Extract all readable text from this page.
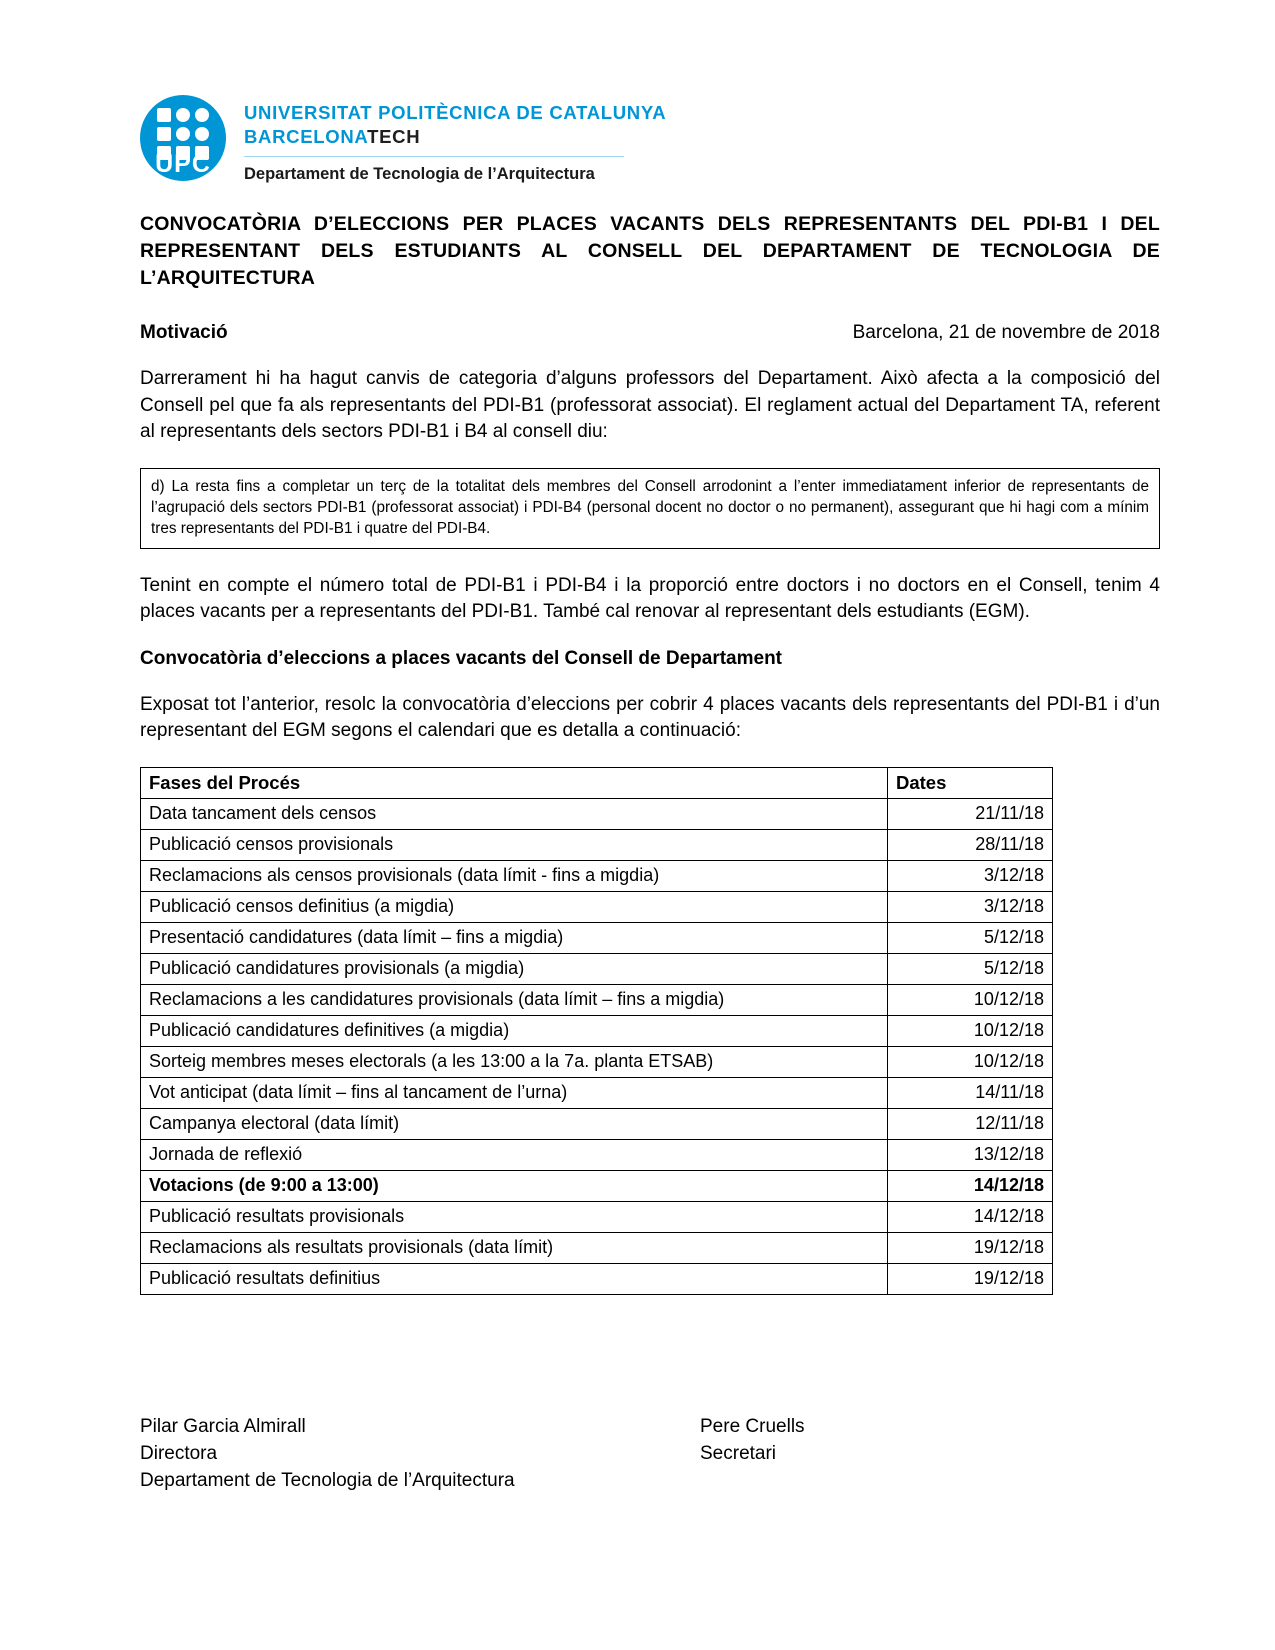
UPC
UNIVERSITAT POLITÈCNICA DE CATALUNYA
BARCELONATECH
Departament de Tecnologia de l’Arquitectura
CONVOCATÒRIA D’ELECCIONS PER PLACES VACANTS DELS REPRESENTANTS DEL PDI-B1 I DEL REPRESENTANT DELS ESTUDIANTS AL CONSELL DEL DEPARTAMENT DE TECNOLOGIA DE L’ARQUITECTURA
Motivació	Barcelona, 21 de novembre de 2018

Darrerament hi ha hagut canvis de categoria d’alguns professors del Departament. Això afecta a la composició del Consell pel que fa als representants del PDI-B1 (professorat associat). El reglament actual del Departament TA, referent al representants dels sectors PDI-B1 i B4 al consell diu:

d) La resta fins a completar un terç de la totalitat dels membres del Consell arrodonint a l’enter immediatament inferior de representants de l’agrupació dels sectors PDI-B1 (professorat associat) i PDI-B4 (personal docent no doctor o no permanent), assegurant que hi hagi com a mínim tres representants del PDI-B1 i quatre del PDI-B4.

Tenint en compte el número total de PDI-B1 i PDI-B4 i la proporció entre doctors i no doctors en el Consell, tenim 4 places vacants per a representants del PDI-B1. També cal renovar al representant dels estudiants (EGM).

Convocatòria d’eleccions a places vacants del Consell de Departament

Exposat tot l’anterior, resolc la convocatòria d’eleccions per cobrir 4 places vacants dels representants del PDI-B1 i d’un representant del EGM segons el calendari que es detalla a continuació:

Fases del Procés	Dates
Data tancament dels censos	21/11/18
Publicació censos provisionals	28/11/18
Reclamacions als censos provisionals (data límit - fins a migdia)	3/12/18
Publicació censos definitius (a migdia)	3/12/18
Presentació candidatures (data límit – fins a migdia)	5/12/18
Publicació candidatures provisionals (a migdia)	5/12/18
Reclamacions a les candidatures provisionals (data límit – fins a migdia)	10/12/18
Publicació candidatures definitives (a migdia)	10/12/18
Sorteig membres meses electorals (a les 13:00 a la 7a. planta ETSAB)	10/12/18
Vot anticipat (data límit – fins al tancament de l’urna)	14/11/18
Campanya electoral (data límit)	12/11/18
Jornada de reflexió	13/12/18
Votacions (de 9:00 a 13:00)	14/12/18
Publicació resultats provisionals	14/12/18
Reclamacions als resultats provisionals (data límit)	19/12/18
Publicació resultats definitius	19/12/18
Pilar Garcia Almirall
Directora
Departament de Tecnologia de l’Arquitectura
Pere Cruells
Secretari
